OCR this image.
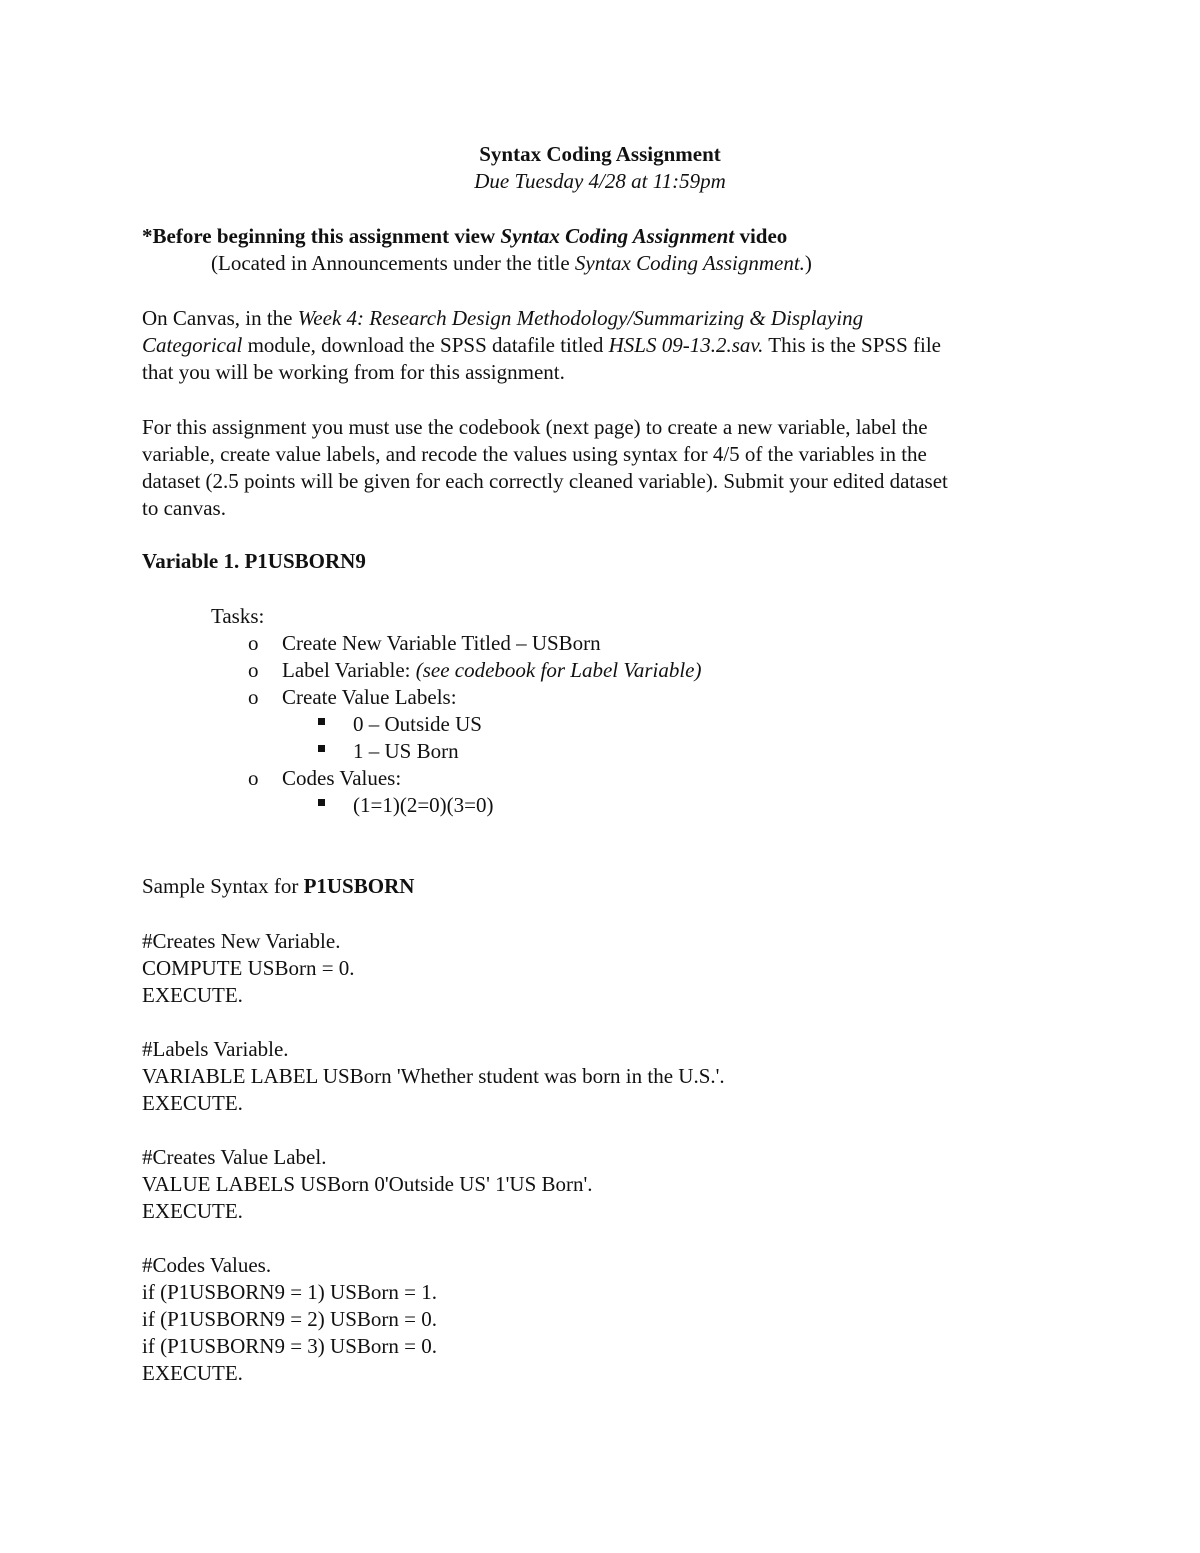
Syntax Coding Assignment
Due Tuesday 4/28 at 11:59pm
*Before beginning this assignment view Syntax Coding Assignment video
(Located in Announcements under the title Syntax Coding Assignment.)
On Canvas, in the Week 4: Research Design Methodology/Summarizing & Displaying
Categorical module, download the SPSS datafile titled HSLS 09-13.2.sav. This is the SPSS file
that you will be working from for this assignment.
For this assignment you must use the codebook (next page) to create a new variable, label the
variable, create value labels, and recode the values using syntax for 4/5 of the variables in the
dataset (2.5 points will be given for each correctly cleaned variable). Submit your edited dataset
to canvas.
Variable 1. P1USBORN9
Tasks:
o Create New Variable Titled – USBorn
o Label Variable: (see codebook for Label Variable)
o Create Value Labels:
0 – Outside US
1 – US Born
o Codes Values:
(1=1)(2=0)(3=0)
Sample Syntax for P1USBORN
#Creates New Variable.
COMPUTE USBorn = 0.
EXECUTE.
#Labels Variable.
VARIABLE LABEL USBorn 'Whether student was born in the U.S.'.
EXECUTE.
#Creates Value Label.
VALUE LABELS USBorn 0'Outside US' 1'US Born'.
EXECUTE.
#Codes Values.
if (P1USBORN9 = 1) USBorn = 1.
if (P1USBORN9 = 2) USBorn = 0.
if (P1USBORN9 = 3) USBorn = 0.
EXECUTE.
